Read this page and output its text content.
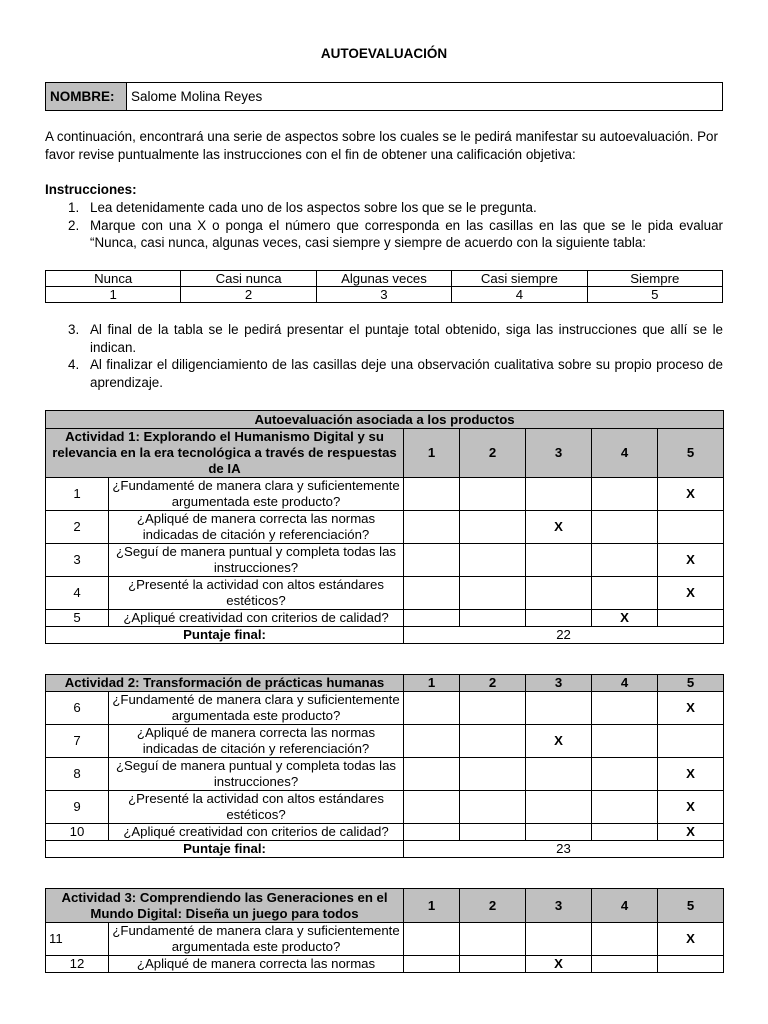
AUTOEVALUACIÓN
NOMBRE:	Salome Molina Reyes

A continuación, encontrará una serie de aspectos sobre los cuales se le pedirá manifestar su autoevaluación. Por favor revise puntualmente las instrucciones con el fin de obtener una calificación objetiva:

Instrucciones:

1. Lea detenidamente cada uno de los aspectos sobre los que se le pregunta.
2. Marque con una X o ponga el número que corresponda en las casillas en las que se le pida evaluar “Nunca, casi nunca, algunas veces, casi siempre y siempre de acuerdo con la siguiente tabla:
Nunca	Casi nunca	Algunas veces	Casi siempre	Siempre
1	2	3	4	5
3. Al final de la tabla se le pedirá presentar el puntaje total obtenido, siga las instrucciones que allí se le indican.
4. Al finalizar el diligenciamiento de las casillas deje una observación cualitativa sobre su propio proceso de aprendizaje.
Autoevaluación asociada a los productos						
Actividad 1: Explorando el Humanismo Digital y su relevancia en la era tecnológica a través de respuestas de IA		1	2	3	4	5
1	¿Fundamenté de manera clara y suficientemente argumentada este producto?					X
2	¿Apliqué de manera correcta las normas indicadas de citación y referenciación?			X		
3	¿Seguí de manera puntual y completa todas las instrucciones?					X
4	¿Presenté la actividad con altos estándares estéticos?					X
5	¿Apliqué creatividad con criterios de calidad?				X	
Puntaje final:		22				
Actividad 2: Transformación de prácticas humanas		1	2	3	4	5
6	¿Fundamenté de manera clara y suficientemente argumentada este producto?					X
7	¿Apliqué de manera correcta las normas indicadas de citación y referenciación?			X		
8	¿Seguí de manera puntual y completa todas las instrucciones?					X
9	¿Presenté la actividad con altos estándares estéticos?					X
10	¿Apliqué creatividad con criterios de calidad?					X
Puntaje final:		23				
Actividad 3: Comprendiendo las Generaciones en el Mundo Digital: Diseña un juego para todos		1	2	3	4	5
11	¿Fundamenté de manera clara y suficientemente argumentada este producto?					X
12	¿Apliqué de manera correcta las normas			X		
